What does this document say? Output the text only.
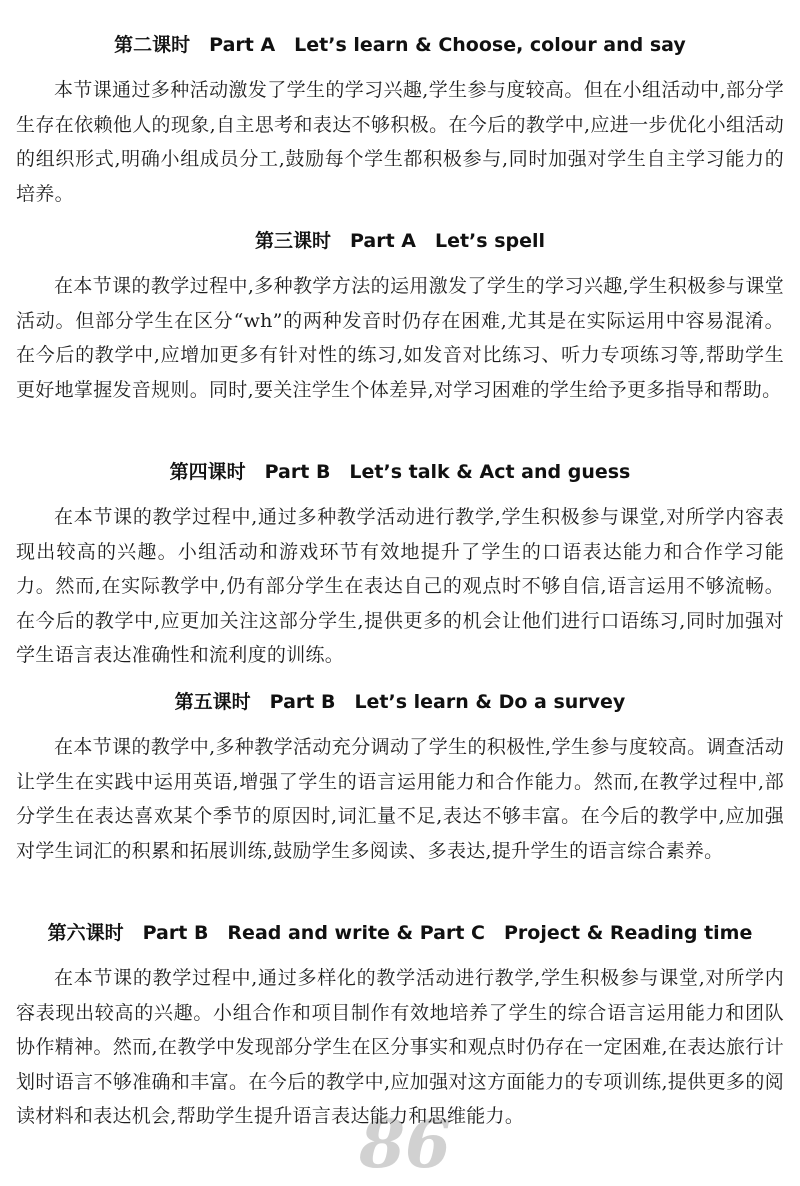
86
第二课时　Part A　Let’s learn & Choose, colour and say

本节课通过多种活动激发了学生的学习兴趣,学生参与度较高。但在小组活动中,部分学生存在依赖他人的现象,自主思考和表达不够积极。在今后的教学中,应进一步优化小组活动的组织形式,明确小组成员分工,鼓励每个学生都积极参与,同时加强对学生自主学习能力的培养。

第三课时　Part A　Let’s spell

在本节课的教学过程中,多种教学方法的运用激发了学生的学习兴趣,学生积极参与课堂活动。但部分学生在区分“wh”的两种发音时仍存在困难,尤其是在实际运用中容易混淆。在今后的教学中,应增加更多有针对性的练习,如发音对比练习、听力专项练习等,帮助学生更好地掌握发音规则。同时,要关注学生个体差异,对学习困难的学生给予更多指导和帮助。

第四课时　Part B　Let’s talk & Act and guess

在本节课的教学过程中,通过多种教学活动进行教学,学生积极参与课堂,对所学内容表现出较高的兴趣。小组活动和游戏环节有效地提升了学生的口语表达能力和合作学习能力。然而,在实际教学中,仍有部分学生在表达自己的观点时不够自信,语言运用不够流畅。在今后的教学中,应更加关注这部分学生,提供更多的机会让他们进行口语练习,同时加强对学生语言表达准确性和流利度的训练。

第五课时　Part B　Let’s learn & Do a survey

在本节课的教学中,多种教学活动充分调动了学生的积极性,学生参与度较高。调查活动让学生在实践中运用英语,增强了学生的语言运用能力和合作能力。然而,在教学过程中,部分学生在表达喜欢某个季节的原因时,词汇量不足,表达不够丰富。在今后的教学中,应加强对学生词汇的积累和拓展训练,鼓励学生多阅读、多表达,提升学生的语言综合素养。

第六课时　Part B　Read and write & Part C　Project & Reading time

在本节课的教学过程中,通过多样化的教学活动进行教学,学生积极参与课堂,对所学内容表现出较高的兴趣。小组合作和项目制作有效地培养了学生的综合语言运用能力和团队协作精神。然而,在教学中发现部分学生在区分事实和观点时仍存在一定困难,在表达旅行计划时语言不够准确和丰富。在今后的教学中,应加强对这方面能力的专项训练,提供更多的阅读材料和表达机会,帮助学生提升语言表达能力和思维能力。
